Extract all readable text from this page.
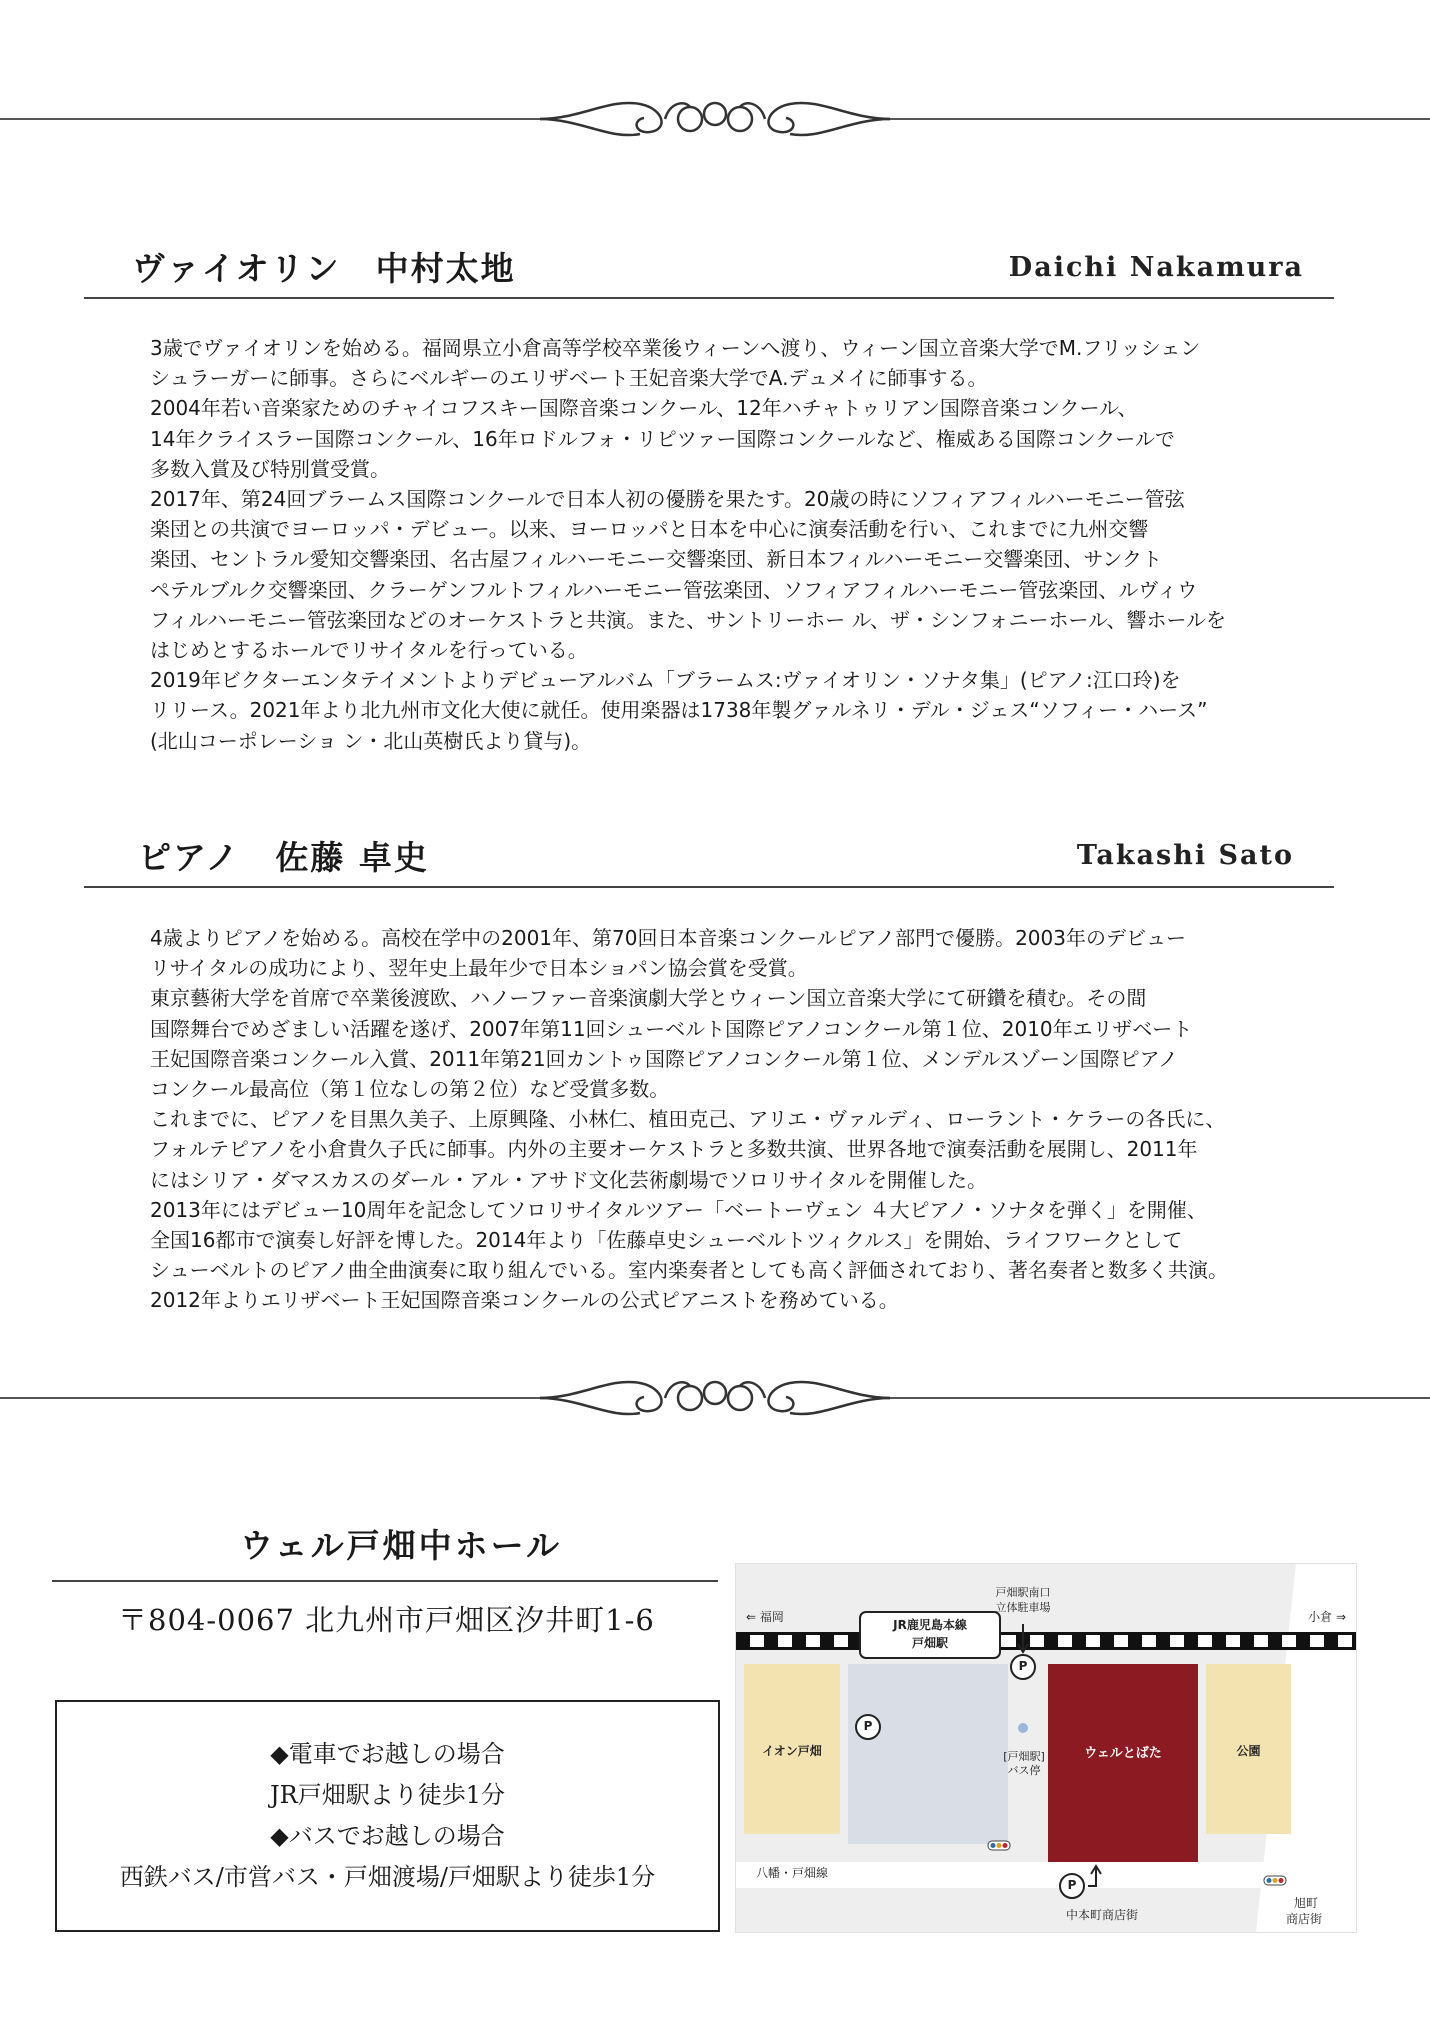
ヴァイオリン　中村太地	Daichi Nakamura
3歳でヴァイオリンを始める。福岡県立小倉高等学校卒業後ウィーンへ渡り、ウィーン国立音楽大学でM.フリッシェン
シュラーガーに師事。さらにベルギーのエリザベート王妃音楽大学でA.デュメイに師事する。
2004年若い音楽家ためのチャイコフスキー国際音楽コンクール、12年ハチャトゥリアン国際音楽コンクール、
14年クライスラー国際コンクール、16年ロドルフォ・リピツァー国際コンクールなど、権威ある国際コンクールで
多数入賞及び特別賞受賞。
2017年、第24回ブラームス国際コンクールで日本人初の優勝を果たす。20歳の時にソフィアフィルハーモニー管弦
楽団との共演でヨーロッパ・デビュー。以来、ヨーロッパと日本を中心に演奏活動を行い、これまでに九州交響
楽団、セントラル愛知交響楽団、名古屋フィルハーモニー交響楽団、新日本フィルハーモニー交響楽団、サンクト
ペテルブルク交響楽団、クラーゲンフルトフィルハーモニー管弦楽団、ソフィアフィルハーモニー管弦楽団、ルヴィウ
フィルハーモニー管弦楽団などのオーケストラと共演。また、サントリーホー ル、ザ・シンフォニーホール、響ホールを
はじめとするホールでリサイタルを行っている。
2019年ビクターエンタテイメントよりデビューアルバム「ブラームス:ヴァイオリン・ソナタ集」(ピアノ:江口玲)を
リリース。2021年より北九州市文化大使に就任。使用楽器は1738年製グァルネリ・デル・ジェス“ソフィー・ハース”
(北山コーポレーショ ン・北山英樹氏より貸与)。
ピアノ　佐藤 卓史	Takashi Sato
4歳よりピアノを始める。高校在学中の2001年、第70回日本音楽コンクールピアノ部門で優勝。2003年のデビュー
リサイタルの成功により、翌年史上最年少で日本ショパン協会賞を受賞。
東京藝術大学を首席で卒業後渡欧、ハノーファー音楽演劇大学とウィーン国立音楽大学にて研鑽を積む。その間
国際舞台でめざましい活躍を遂げ、2007年第11回シューベルト国際ピアノコンクール第１位、2010年エリザベート
王妃国際音楽コンクール入賞、2011年第21回カントゥ国際ピアノコンクール第１位、メンデルスゾーン国際ピアノ
コンクール最高位（第１位なしの第２位）など受賞多数。
これまでに、ピアノを目黒久美子、上原興隆、小林仁、植田克己、アリエ・ヴァルディ、ローラント・ケラーの各氏に、
フォルテピアノを小倉貴久子氏に師事。内外の主要オーケストラと多数共演、世界各地で演奏活動を展開し、2011年
にはシリア・ダマスカスのダール・アル・アサド文化芸術劇場でソロリサイタルを開催した。
2013年にはデビュー10周年を記念してソロリサイタルツアー「ベートーヴェン ４大ピアノ・ソナタを弾く」を開催、
全国16都市で演奏し好評を博した。2014年より「佐藤卓史シューベルトツィクルス」を開始、ライフワークとして
シューベルトのピアノ曲全曲演奏に取り組んでいる。室内楽奏者としても高く評価されており、著名奏者と数多く共演。
2012年よりエリザベート王妃国際音楽コンクールの公式ピアニストを務めている。
ウェル戸畑中ホール
〒804-0067 北九州市戸畑区汐井町1-6
◆電車でお越しの場合
JR戸畑駅より徒歩1分
◆バスでお越しの場合
西鉄バス/市営バス・戸畑渡場/戸畑駅より徒歩1分
⇐ 福岡	小倉 ⇒
JR鹿児島本線
戸畑駅
戸畑駅南口
立体駐車場
P
P
P
イオン戸畑	[戸畑駅]
バス停
ウェルとばた	公園
八幡・戸畑線
中本町商店街
旭町
商店街
